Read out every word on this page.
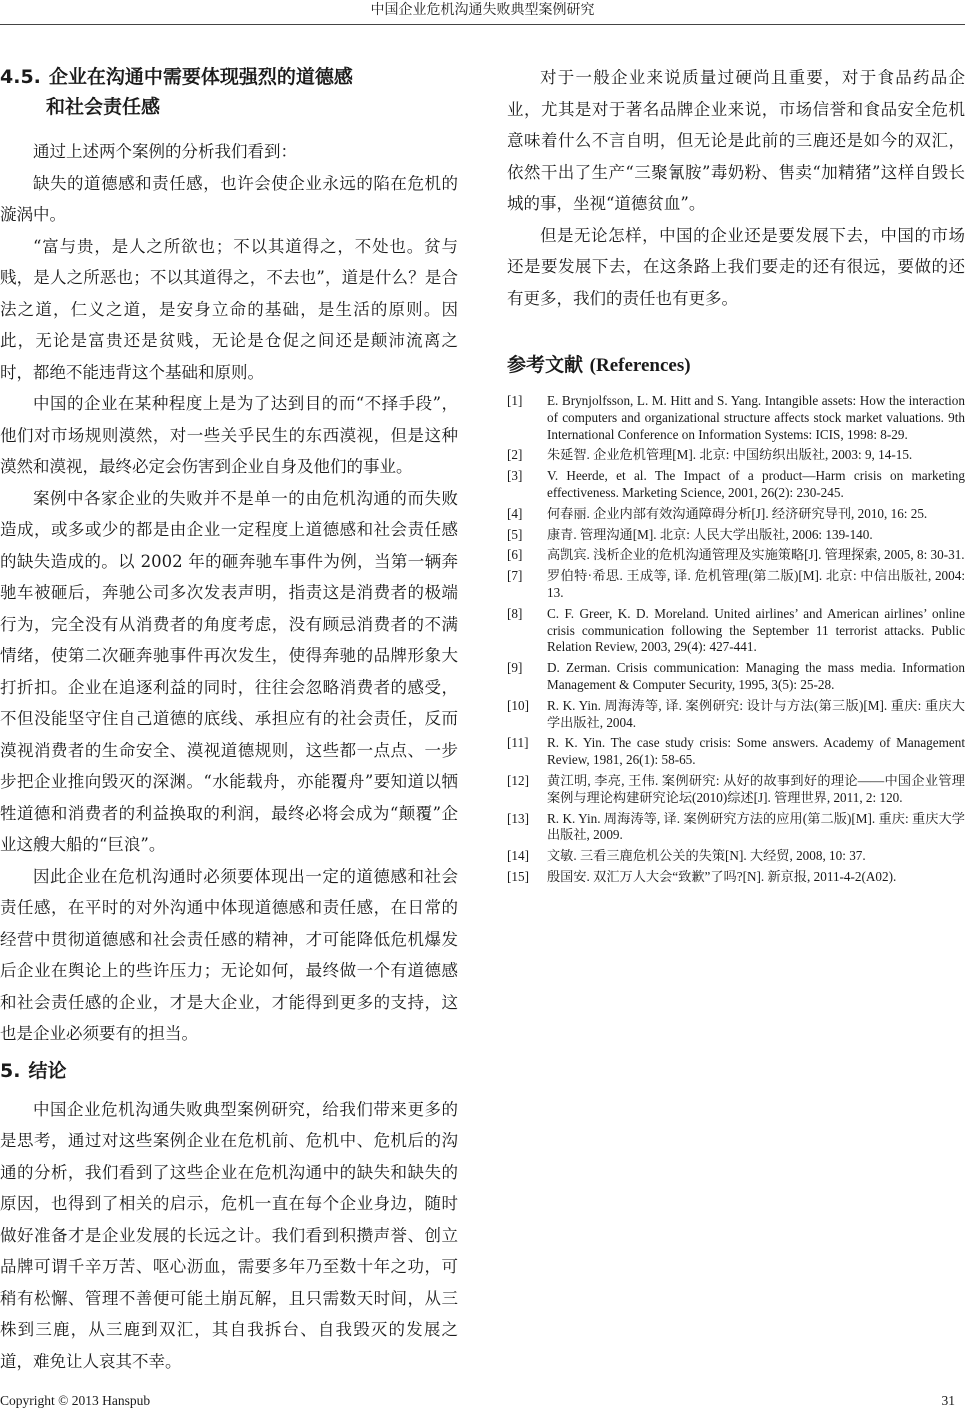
中国企业危机沟通失败典型案例研究
4.5. 企业在沟通中需要体现强烈的道德感
和社会责任感

通过上述两个案例的分析我们看到：

缺失的道德感和责任感，也许会使企业永远的陷在危机的漩涡中。

“富与贵，是人之所欲也；不以其道得之，不处也。贫与贱，是人之所恶也；不以其道得之，不去也”，道是什么？是合法之道，仁义之道，是安身立命的基础，是生活的原则。因此，无论是富贵还是贫贱，无论是仓促之间还是颠沛流离之时，都绝不能违背这个基础和原则。

中国的企业在某种程度上是为了达到目的而“不择手段”，他们对市场规则漠然，对一些关乎民生的东西漠视，但是这种漠然和漠视，最终必定会伤害到企业自身及他们的事业。

案例中各家企业的失败并不是单一的由危机沟通的而失败造成，或多或少的都是由企业一定程度上道德感和社会责任感的缺失造成的。以 2002 年的砸奔驰车事件为例，当第一辆奔驰车被砸后，奔驰公司多次发表声明，指责这是消费者的极端行为，完全没有从消费者的角度考虑，没有顾忌消费者的不满情绪，使第二次砸奔驰事件再次发生，使得奔驰的品牌形象大打折扣。企业在追逐利益的同时，往往会忽略消费者的感受，不但没能坚守住自己道德的底线、承担应有的社会责任，反而漠视消费者的生命安全、漠视道德规则，这些都一点点、一步步把企业推向毁灭的深渊。“水能载舟，亦能覆舟”要知道以牺牲道德和消费者的利益换取的利润，最终必将会成为“颠覆”企业这艘大船的“巨浪”。

因此企业在危机沟通时必须要体现出一定的道德感和社会责任感，在平时的对外沟通中体现道德感和责任感，在日常的经营中贯彻道德感和社会责任感的精神，才可能降低危机爆发后企业在舆论上的些许压力；无论如何，最终做一个有道德感和社会责任感的企业，才是大企业，才能得到更多的支持，这也是企业必须要有的担当。

5. 结论

中国企业危机沟通失败典型案例研究，给我们带来更多的是思考，通过对这些案例企业在危机前、危机中、危机后的沟通的分析，我们看到了这些企业在危机沟通中的缺失和缺失的原因，也得到了相关的启示，危机一直在每个企业身边，随时做好准备才是企业发展的长远之计。我们看到积攒声誉、创立品牌可谓千辛万苦、呕心沥血，需要多年乃至数十年之功，可稍有松懈、管理不善便可能土崩瓦解，且只需数天时间，从三株到三鹿，从三鹿到双汇，其自我拆台、自我毁灭的发展之道，难免让人哀其不幸。

对于一般企业来说质量过硬尚且重要，对于食品药品企业，尤其是对于著名品牌企业来说，市场信誉和食品安全危机意味着什么不言自明，但无论是此前的三鹿还是如今的双汇，依然干出了生产“三聚氰胺”毒奶粉、售卖“加精猪”这样自毁长城的事，坐视“道德贫血”。

但是无论怎样，中国的企业还是要发展下去，中国的市场还是要发展下去，在这条路上我们要走的还有很远，要做的还有更多，我们的责任也有更多。

参考文献 (References)
[1] E. Brynjolfsson, L. M. Hitt and S. Yang. Intangible assets: How the interaction of computers and organizational structure affects stock market valuations. 9th International Conference on Information Systems: ICIS, 1998: 8-29.
[2] 朱延智. 企业危机管理[M]. 北京: 中国纺织出版社, 2003: 9, 14-15.
[3] V. Heerde, et al. The Impact of a product—Harm crisis on marketing effectiveness. Marketing Science, 2001, 26(2): 230-245.
[4] 何春丽. 企业内部有效沟通障碍分析[J]. 经济研究导刊, 2010, 16: 25.
[5] 康青. 管理沟通[M]. 北京: 人民大学出版社, 2006: 139-140.
[6] 高凯宾. 浅析企业的危机沟通管理及实施策略[J]. 管理探索, 2005, 8: 30-31.
[7] 罗伯特·希思. 王成等, 译. 危机管理(第二版)[M]. 北京: 中信出版社, 2004: 13.
[8] C. F. Greer, K. D. Moreland. United airlines’ and American airlines’ online crisis communication following the September 11 terrorist attacks. Public Relation Review, 2003, 29(4): 427-441.
[9] D. Zerman. Crisis communication: Managing the mass media. Information Management & Computer Security, 1995, 3(5): 25-28.
[10] R. K. Yin. 周海涛等, 译. 案例研究: 设计与方法(第三版)[M]. 重庆: 重庆大学出版社, 2004.
[11] R. K. Yin. The case study crisis: Some answers. Academy of Management Review, 1981, 26(1): 58-65.
[12] 黄江明, 李亮, 王伟. 案例研究: 从好的故事到好的理论——中国企业管理案例与理论构建研究论坛(2010)综述[J]. 管理世界, 2011, 2: 120.
[13] R. K. Yin. 周海涛等, 译. 案例研究方法的应用(第二版)[M]. 重庆: 重庆大学出版社, 2009.
[14] 文敏. 三看三鹿危机公关的失策[N]. 大经贸, 2008, 10: 37.
[15] 殷国安. 双汇万人大会“致歉”了吗?[N]. 新京报, 2011-4-2(A02).
Copyright © 2013 Hanspub	31
